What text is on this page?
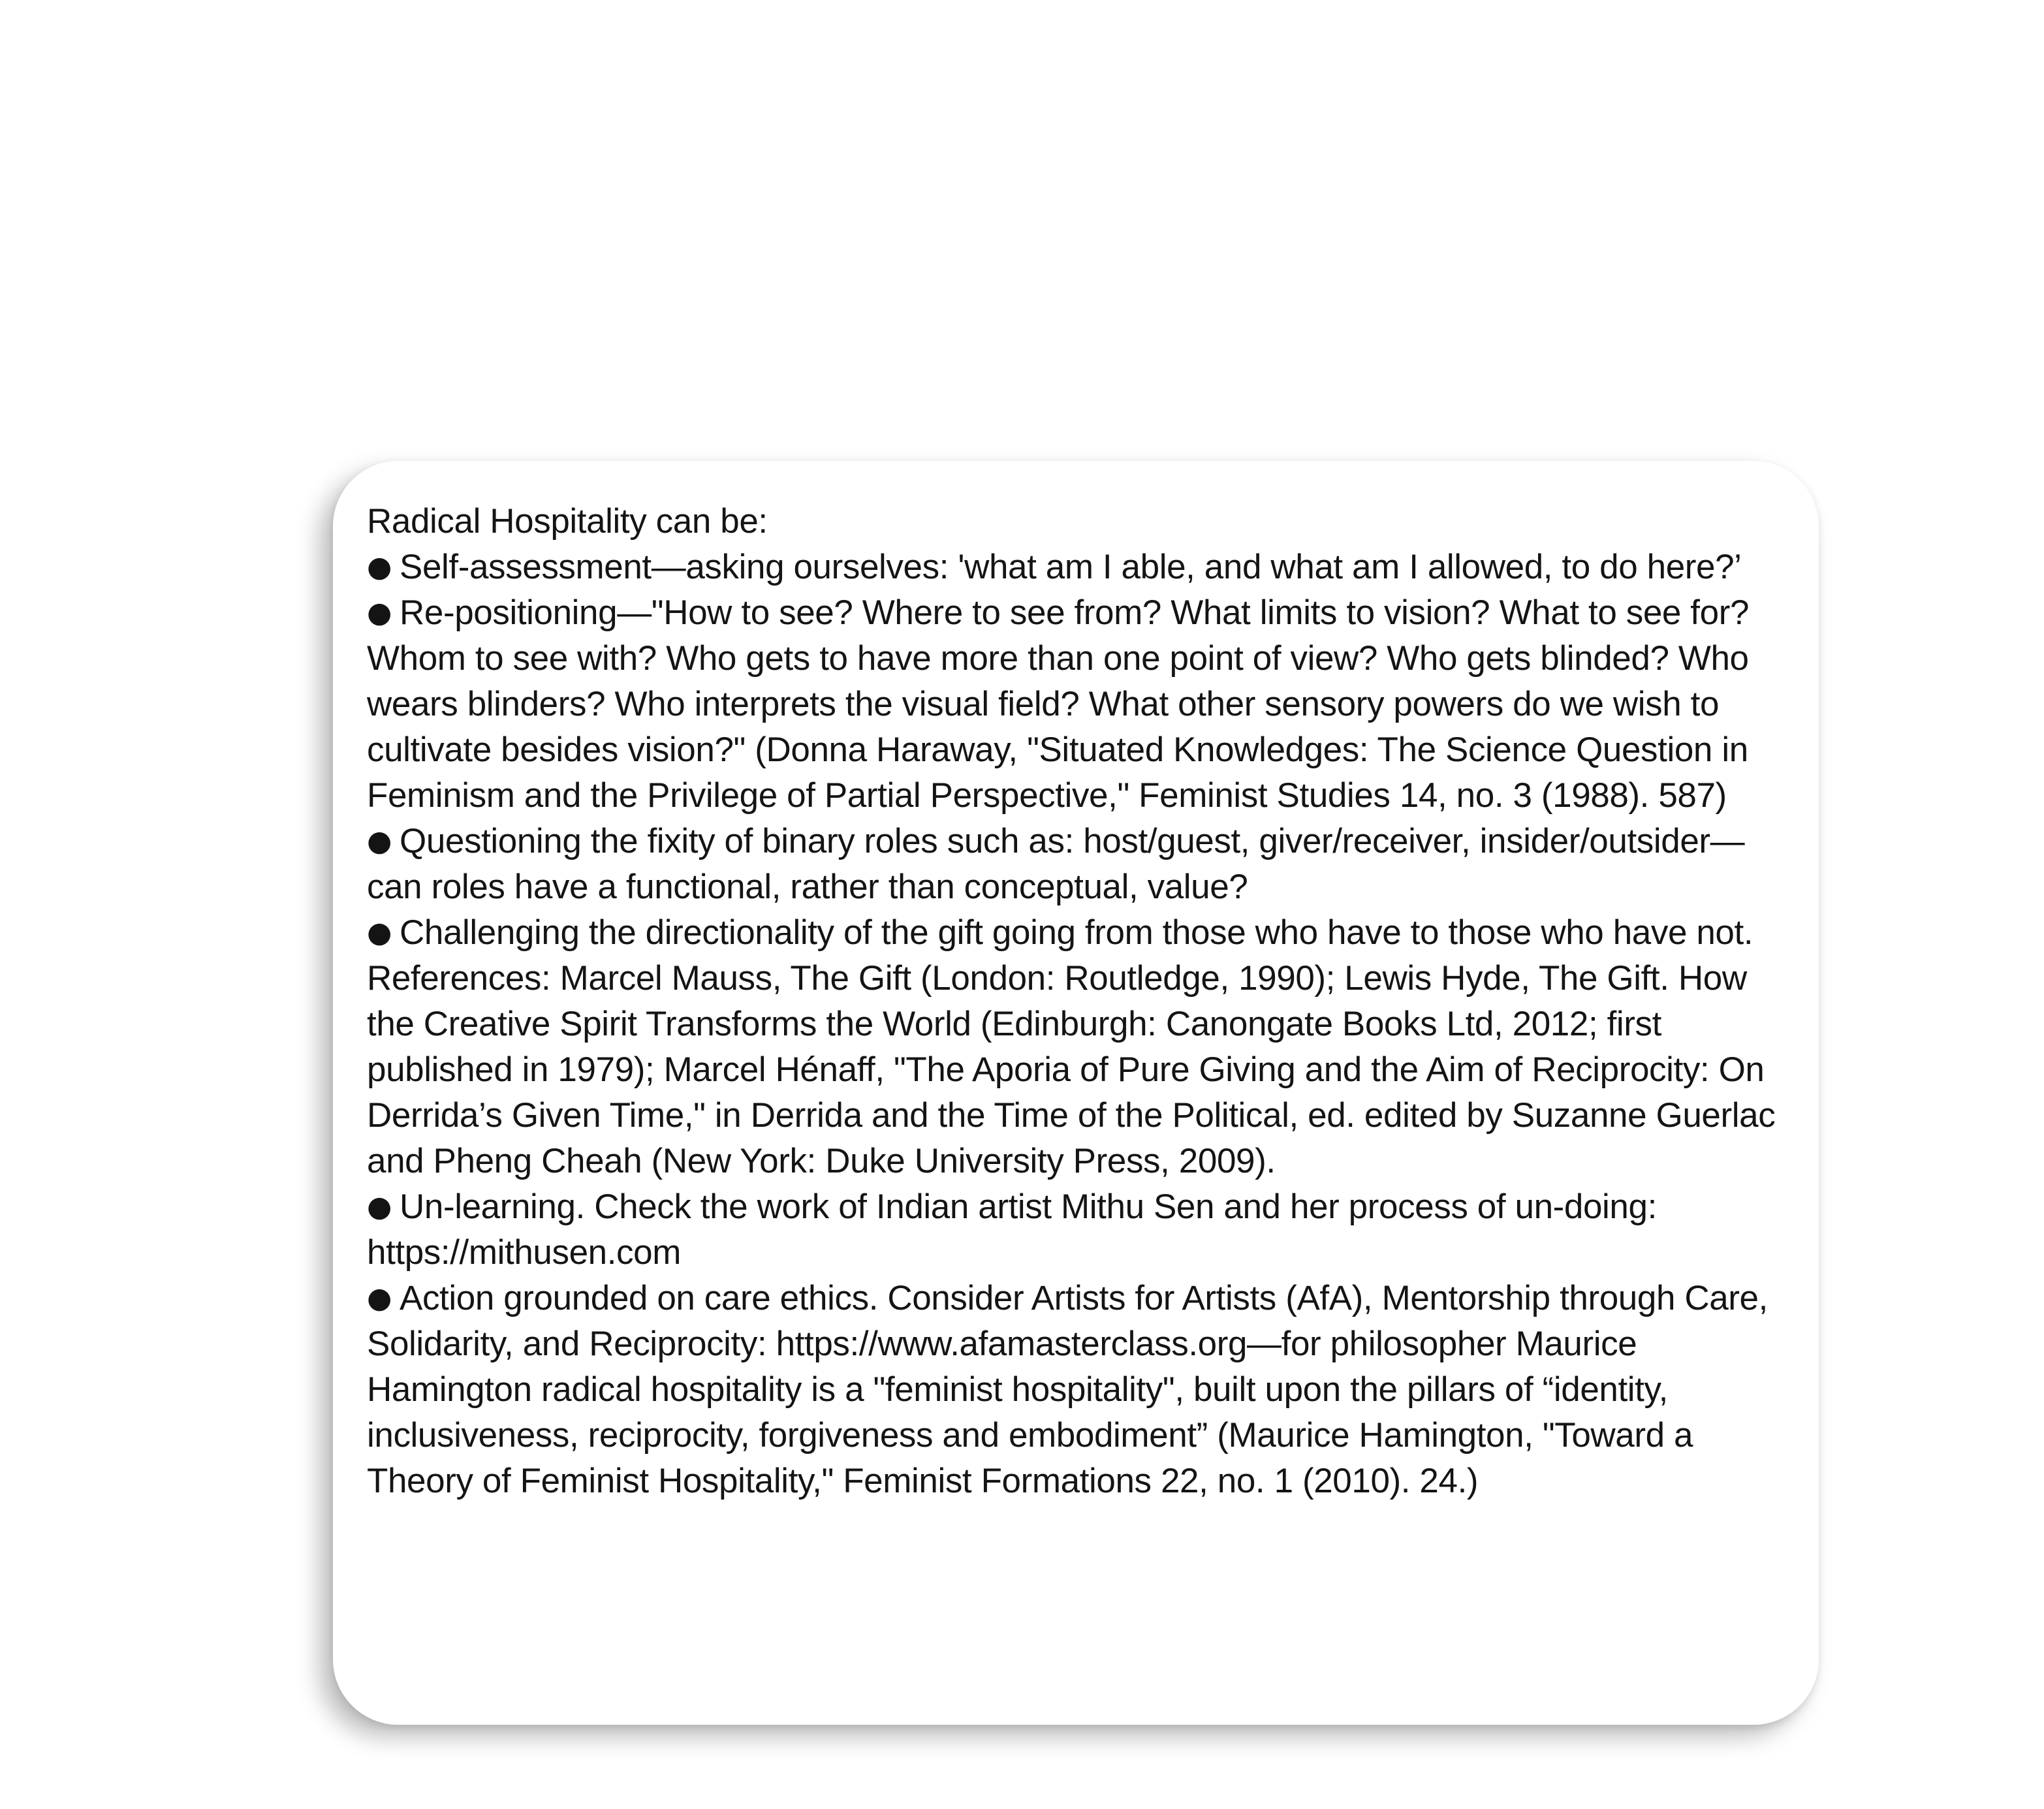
Radical Hospitality can be:

● Self-assessment—asking ourselves: 'what am I able, and what am I allowed, to do here?’

● Re-positioning—"How to see? Where to see from? What limits to vision? What to see for? Whom to see with? Who gets to have more than one point of view? Who gets blinded? Who wears blinders? Who interprets the visual field? What other sensory powers do we wish to cultivate besides vision?" (Donna Haraway, "Situated Knowledges: The Science Question in Feminism and the Privilege of Partial Perspective," Feminist Studies 14, no. 3 (1988). 587)

● Questioning the fixity of binary roles such as: host/guest, giver/receiver, insider/outsider—can roles have a functional, rather than conceptual, value?

● Challenging the directionality of the gift going from those who have to those who have not. References: Marcel Mauss, The Gift (London: Routledge, 1990); Lewis Hyde, The Gift. How the Creative Spirit Transforms the World (Edinburgh: Canongate Books Ltd, 2012; first published in 1979); Marcel Hénaff, "The Aporia of Pure Giving and the Aim of Reciprocity: On Derrida’s Given Time," in Derrida and the Time of the Political, ed. edited by Suzanne Guerlac and Pheng Cheah (New York: Duke University Press, 2009).

● Un-learning. Check the work of Indian artist Mithu Sen and her process of un-doing: https://mithusen.com

● Action grounded on care ethics. Consider Artists for Artists (AfA), Mentorship through Care, Solidarity, and Reciprocity: https://www.afamasterclass.org—for philosopher Maurice Hamington radical hospitality is a "feminist hospitality", built upon the pillars of “identity, inclusiveness, reciprocity, forgiveness and embodiment” (Maurice Hamington, "Toward a Theory of Feminist Hospitality," Feminist Formations 22, no. 1 (2010). 24.)
